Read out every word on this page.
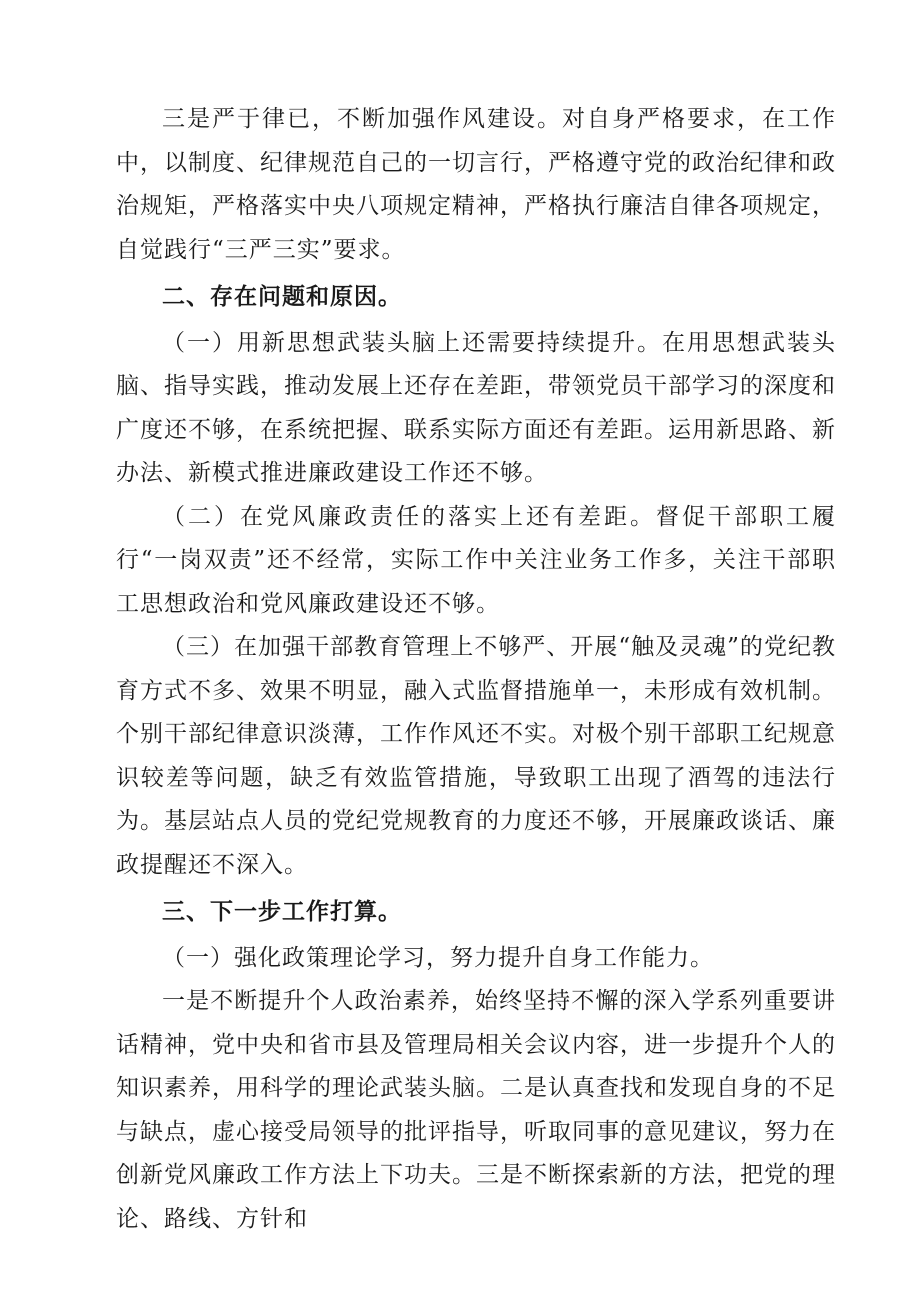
三是严于律已，不断加强作风建设。对自身严格要求，在工作中，以制度、纪律规范自己的一切言行，严格遵守党的政治纪律和政治规矩，严格落实中央八项规定精神，严格执行廉洁自律各项规定，自觉践行“三严三实”要求。

二、存在问题和原因。

（一）用新思想武装头脑上还需要持续提升。在用思想武装头脑、指导实践，推动发展上还存在差距，带领党员干部学习的深度和广度还不够，在系统把握、联系实际方面还有差距。运用新思路、新办法、新模式推进廉政建设工作还不够。

（二）在党风廉政责任的落实上还有差距。督促干部职工履行“一岗双责”还不经常，实际工作中关注业务工作多，关注干部职工思想政治和党风廉政建设还不够。

（三）在加强干部教育管理上不够严、开展“触及灵魂”的党纪教育方式不多、效果不明显，融入式监督措施单一，未形成有效机制。个别干部纪律意识淡薄，工作作风还不实。对极个别干部职工纪规意识较差等问题，缺乏有效监管措施，导致职工出现了酒驾的违法行为。基层站点人员的党纪党规教育的力度还不够，开展廉政谈话、廉政提醒还不深入。

三、下一步工作打算。

（一）强化政策理论学习，努力提升自身工作能力。

一是不断提升个人政治素养，始终坚持不懈的深入学系列重要讲话精神，党中央和省市县及管理局相关会议内容，进一步提升个人的知识素养，用科学的理论武装头脑。二是认真查找和发现自身的不足与缺点，虚心接受局领导的批评指导，听取同事的意见建议，努力在创新党风廉政工作方法上下功夫。三是不断探索新的方法，把党的理论、路线、方针和
